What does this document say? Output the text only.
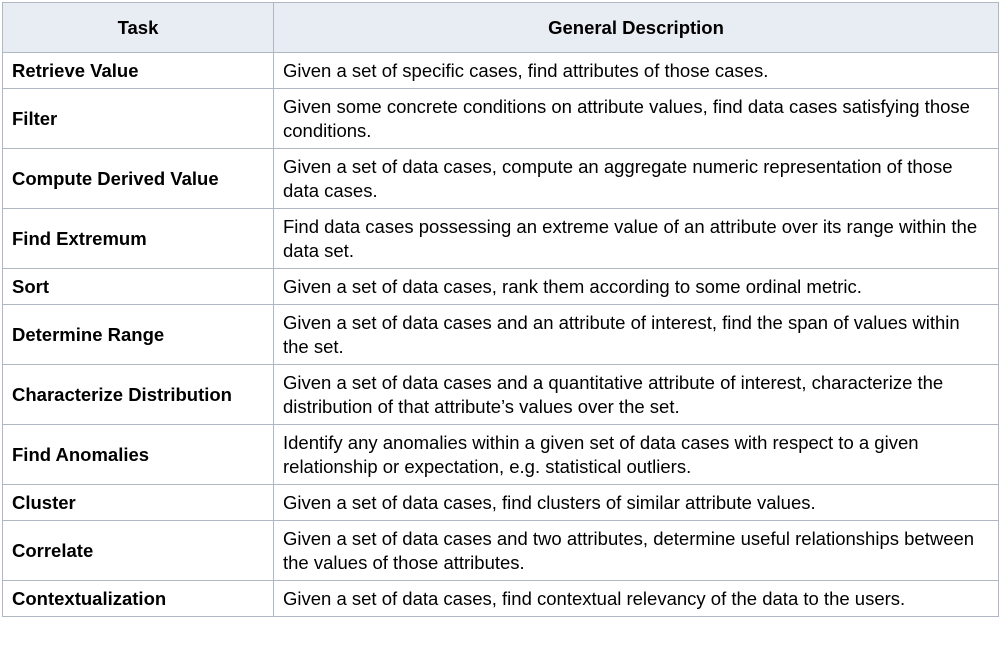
Task	General Description
Retrieve Value	Given a set of specific cases, find attributes of those cases.
Filter	Given some concrete conditions on attribute values, find data cases satisfying those conditions.
Compute Derived Value	Given a set of data cases, compute an aggregate numeric representation of those data cases.
Find Extremum	Find data cases possessing an extreme value of an attribute over its range within the data set.
Sort	Given a set of data cases, rank them according to some ordinal metric.
Determine Range	Given a set of data cases and an attribute of interest, find the span of values within the set.
Characterize Distribution	Given a set of data cases and a quantitative attribute of interest, characterize the distribution of that attribute’s values over the set.
Find Anomalies	Identify any anomalies within a given set of data cases with respect to a given relationship or expectation, e.g. statistical outliers.
Cluster	Given a set of data cases, find clusters of similar attribute values.
Correlate	Given a set of data cases and two attributes, determine useful relationships between the values of those attributes.
Contextualization	Given a set of data cases, find contextual relevancy of the data to the users.
